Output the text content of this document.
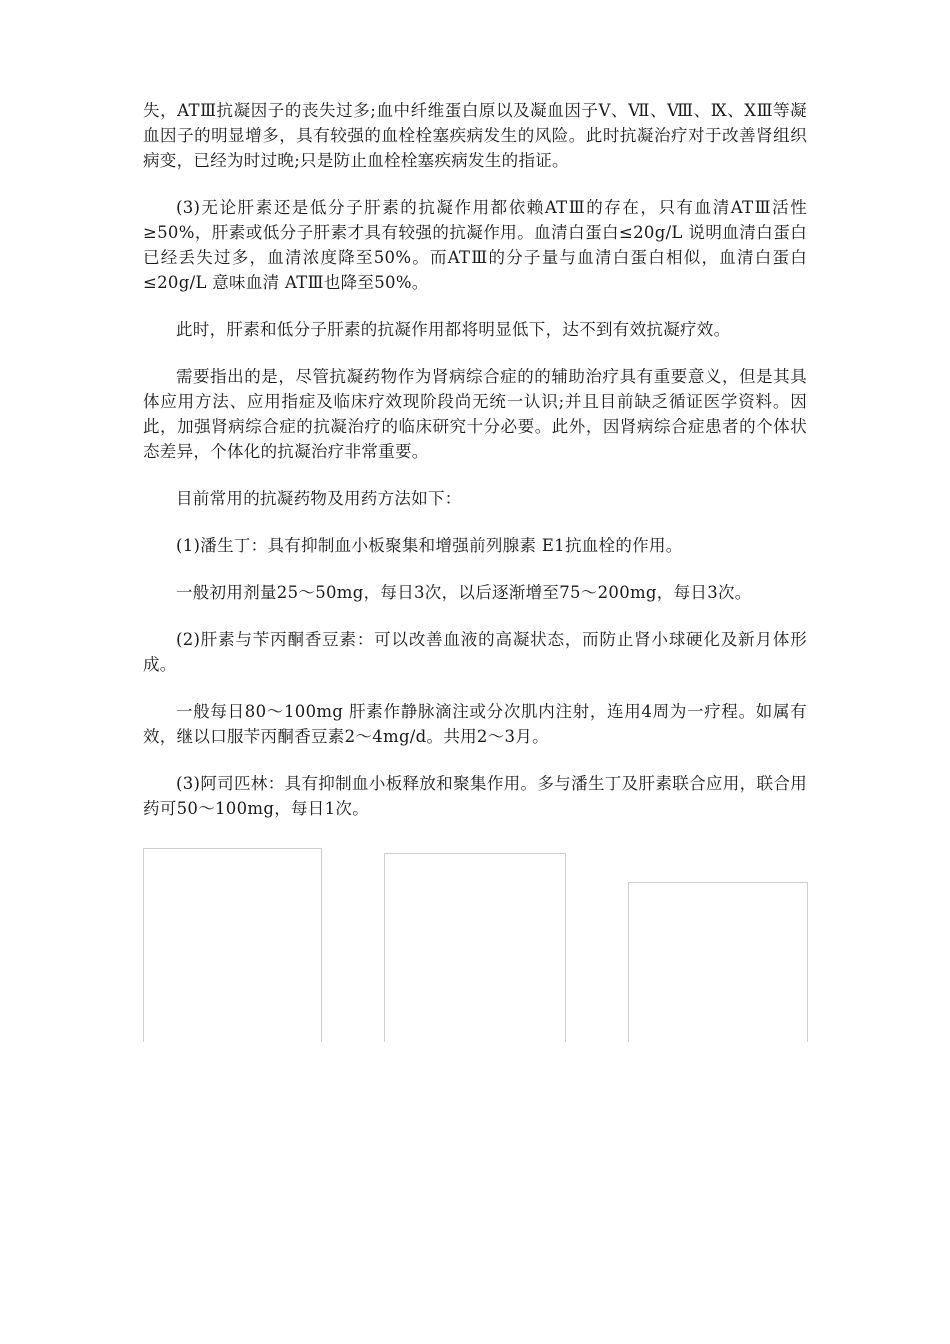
失，ATⅢ抗凝因子的丧失过多;血中纤维蛋白原以及凝血因子Ⅴ、Ⅶ、Ⅷ、Ⅸ、ⅩⅢ等凝血因子的明显增多，具有较强的血栓栓塞疾病发生的风险。此时抗凝治疗对于改善肾组织病变，已经为时过晚;只是防止血栓栓塞疾病发生的指证。

(3)无论肝素还是低分子肝素的抗凝作用都依赖ATⅢ的存在，只有血清ATⅢ活性≥50%，肝素或低分子肝素才具有较强的抗凝作用。血清白蛋白≤20g/L 说明血清白蛋白已经丢失过多，血清浓度降至50%。而ATⅢ的分子量与血清白蛋白相似，血清白蛋白≤20g/L 意味血清 ATⅢ也降至50%。

此时，肝素和低分子肝素的抗凝作用都将明显低下，达不到有效抗凝疗效。

需要指出的是，尽管抗凝药物作为肾病综合症的的辅助治疗具有重要意义，但是其具体应用方法、应用指症及临床疗效现阶段尚无统一认识;并且目前缺乏循证医学资料。因此，加强肾病综合症的抗凝治疗的临床研究十分必要。此外，因肾病综合症患者的个体状态差异，个体化的抗凝治疗非常重要。

目前常用的抗凝药物及用药方法如下：

(1)潘生丁：具有抑制血小板聚集和增强前列腺素 E1抗血栓的作用。

一般初用剂量25～50mg，每日3次，以后逐渐增至75～200mg，每日3次。

(2)肝素与苄丙酮香豆素：可以改善血液的高凝状态，而防止肾小球硬化及新月体形成。

一般每日80～100mg 肝素作静脉滴注或分次肌内注射，连用4周为一疗程。如属有效，继以口服苄丙酮香豆素2～4mg/d。共用2～3月。

(3)阿司匹林：具有抑制血小板释放和聚集作用。多与潘生丁及肝素联合应用，联合用药可50～100mg，每日1次。
